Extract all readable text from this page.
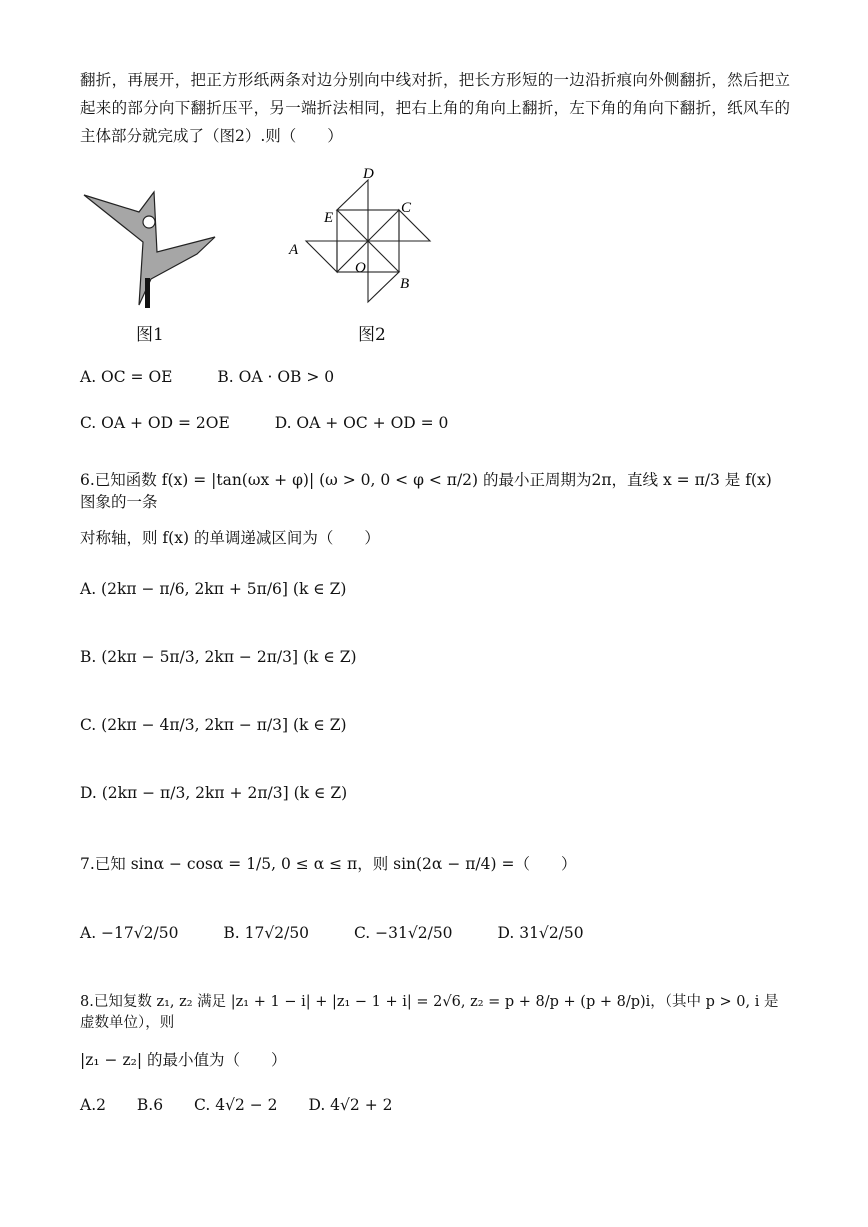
翻折，再展开，把正方形纸两条对边分别向中线对折，把长方形短的一边沿折痕向外侧翻折，然后把立起来的部分向下翻折压平，另一端折法相同，把右上角的角向上翻折，左下角的角向下翻折，纸风车的主体部分就完成了（图2）.则（　　）
图1
D
E
C
A
O
B
图2
A. OC = OE	B. OA · OB > 0
C. OA + OD = 2OE	D. OA + OC + OD = 0
6.已知函数 f(x) = |tan(ωx + φ)| (ω > 0, 0 < φ < π/2) 的最小正周期为2π，直线 x = π/3 是 f(x) 图象的一条
对称轴，则 f(x) 的单调递减区间为（　　）
A. (2kπ − π/6, 2kπ + 5π/6] (k ∈ Z)
B. (2kπ − 5π/3, 2kπ − 2π/3] (k ∈ Z)
C. (2kπ − 4π/3, 2kπ − π/3] (k ∈ Z)
D. (2kπ − π/3, 2kπ + 2π/3] (k ∈ Z)
7.已知 sinα − cosα = 1/5, 0 ≤ α ≤ π，则 sin(2α − π/4) =（　　）
A. −17√2/50	B. 17√2/50	C. −31√2/50	D. 31√2/50
8.已知复数 z₁, z₂ 满足 |z₁ + 1 − i| + |z₁ − 1 + i| = 2√6, z₂ = p + 8/p + (p + 8/p)i，（其中 p > 0, i 是虚数单位），则
|z₁ − z₂| 的最小值为（　　）
A.2 B.6 C. 4√2 − 2 D. 4√2 + 2
